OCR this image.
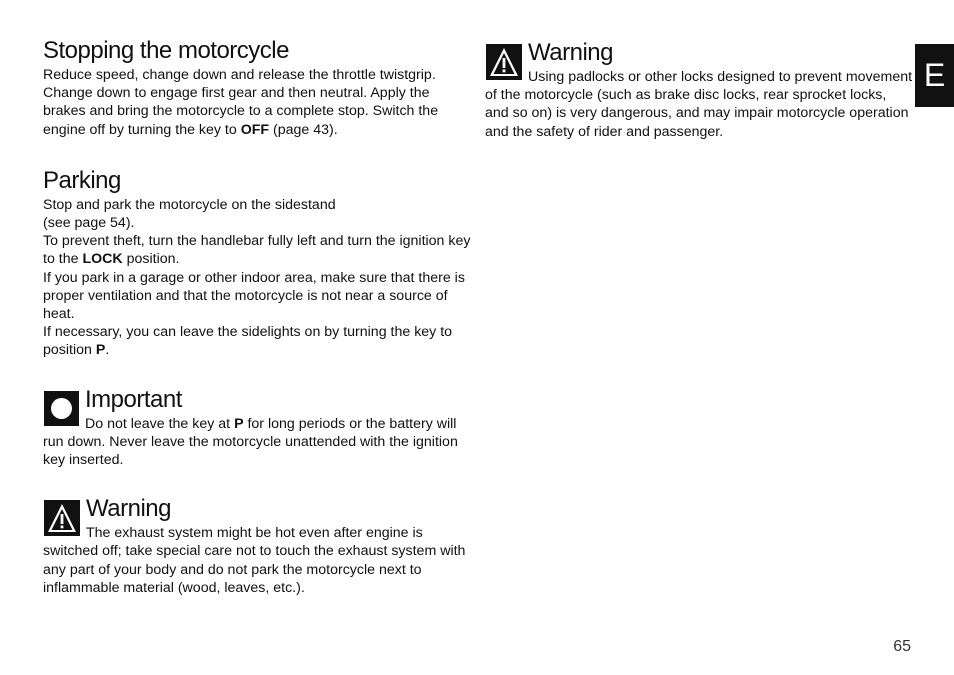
Stopping the motorcycle

Reduce speed, change down and release the throttle twistgrip. Change down to engage first gear and then neutral. Apply the brakes and bring the motorcycle to a complete stop. Switch the engine off by turning the key to OFF (page 43).

Parking

Stop and park the motorcycle on the sidestand
(see page 54).

To prevent theft, turn the handlebar fully left and turn the ignition key to the LOCK position.

If you park in a garage or other indoor area, make sure that there is proper ventilation and that the motorcycle is not near a source of heat.

If necessary, you can leave the sidelights on by turning the key to position P.

Important

Do not leave the key at P for long periods or the battery will run down. Never leave the motorcycle unattended with the ignition key inserted.

Warning

The exhaust system might be hot even after engine is switched off; take special care not to touch the exhaust system with any part of your body and do not park the motorcycle next to inflammable material (wood, leaves, etc.).

Warning

Using padlocks or other locks designed to prevent movement of the motorcycle (such as brake disc locks, rear sprocket locks, and so on) is very dangerous, and may impair motorcycle operation and the safety of rider and passenger.

E
65
